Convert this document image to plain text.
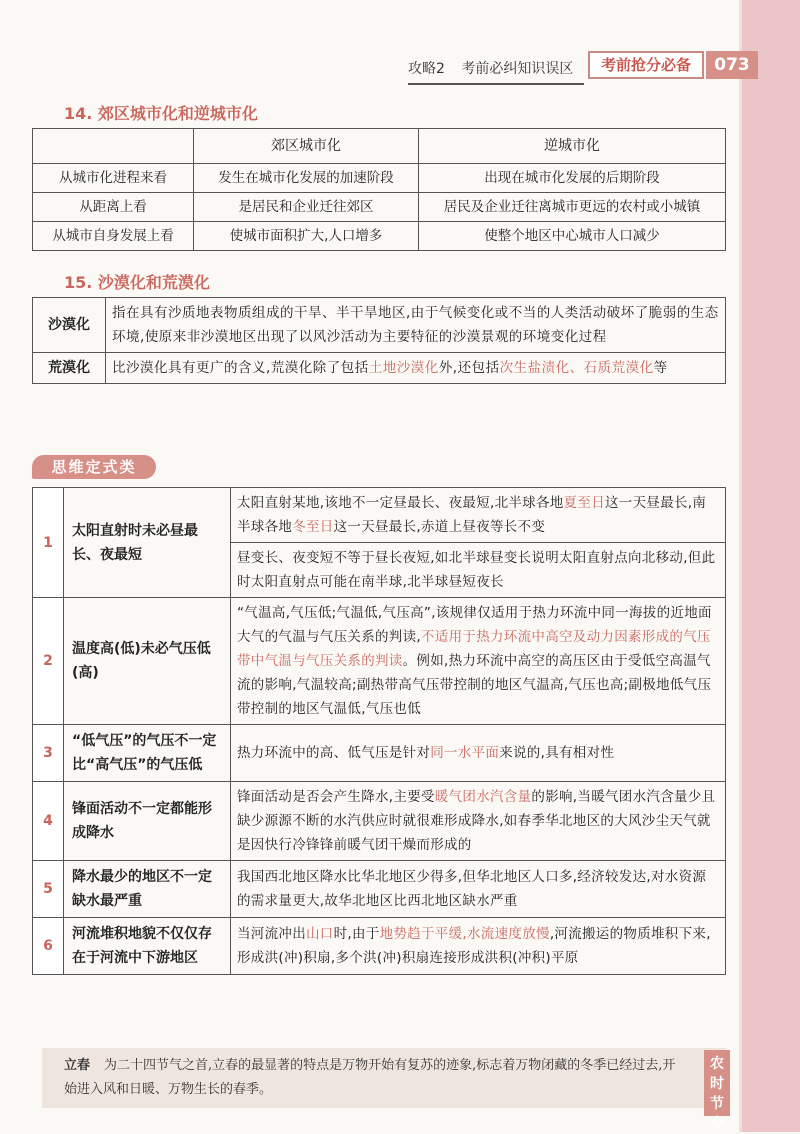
攻略2 考前必纠知识误区	考前抢分必备	073
14. 郊区城市化和逆城市化
	郊区城市化	逆城市化
从城市化进程来看	发生在城市化发展的加速阶段	出现在城市化发展的后期阶段
从距离上看	是居民和企业迁往郊区	居民及企业迁往离城市更远的农村或小城镇
从城市自身发展上看	使城市面积扩大,人口增多	使整个地区中心城市人口减少
15. 沙漠化和荒漠化
沙漠化	指在具有沙质地表物质组成的干旱、半干旱地区,由于气候变化或不当的人类活动破坏了脆弱的生态环境,使原来非沙漠地区出现了以风沙活动为主要特征的沙漠景观的环境变化过程
荒漠化	比沙漠化具有更广的含义,荒漠化除了包括土地沙漠化外,还包括次生盐渍化、石质荒漠化等
思维定式类
1	太阳直射时未必昼最长、夜最短	太阳直射某地,该地不一定昼最长、夜最短,北半球各地夏至日这一天昼最长,南半球各地冬至日这一天昼最长,赤道上昼夜等长不变
		昼变长、夜变短不等于昼长夜短,如北半球昼变长说明太阳直射点向北移动,但此时太阳直射点可能在南半球,北半球昼短夜长
2	温度高(低)未必气压低(高)	“气温高,气压低;气温低,气压高”,该规律仅适用于热力环流中同一海拔的近地面大气的气温与气压关系的判读,不适用于热力环流中高空及动力因素形成的气压带中气温与气压关系的判读。例如,热力环流中高空的高压区由于受低空高温气流的影响,气温较高;副热带高气压带控制的地区气温高,气压也高;副极地低气压带控制的地区气温低,气压也低
3	“低气压”的气压不一定比“高气压”的气压低	热力环流中的高、低气压是针对同一水平面来说的,具有相对性
4	锋面活动不一定都能形成降水	锋面活动是否会产生降水,主要受暖气团水汽含量的影响,当暖气团水汽含量少且缺少源源不断的水汽供应时就很难形成降水,如春季华北地区的大风沙尘天气就是因快行冷锋锋前暖气团干燥而形成的
5	降水最少的地区不一定缺水最严重	我国西北地区降水比华北地区少得多,但华北地区人口多,经济较发达,对水资源的需求量更大,故华北地区比西北地区缺水严重
6	河流堆积地貌不仅仅存在于河流中下游地区	当河流冲出山口时,由于地势趋于平缓,水流速度放慢,河流搬运的物质堆积下来,形成洪(冲)积扇,多个洪(冲)积扇连接形成洪积(冲积)平原
立春 为二十四节气之首,立春的最显著的特点是万物开始有复苏的迹象,标志着万物闭藏的冬季已经过去,开始进入风和日暖、万物生长的春季。
农时节令
